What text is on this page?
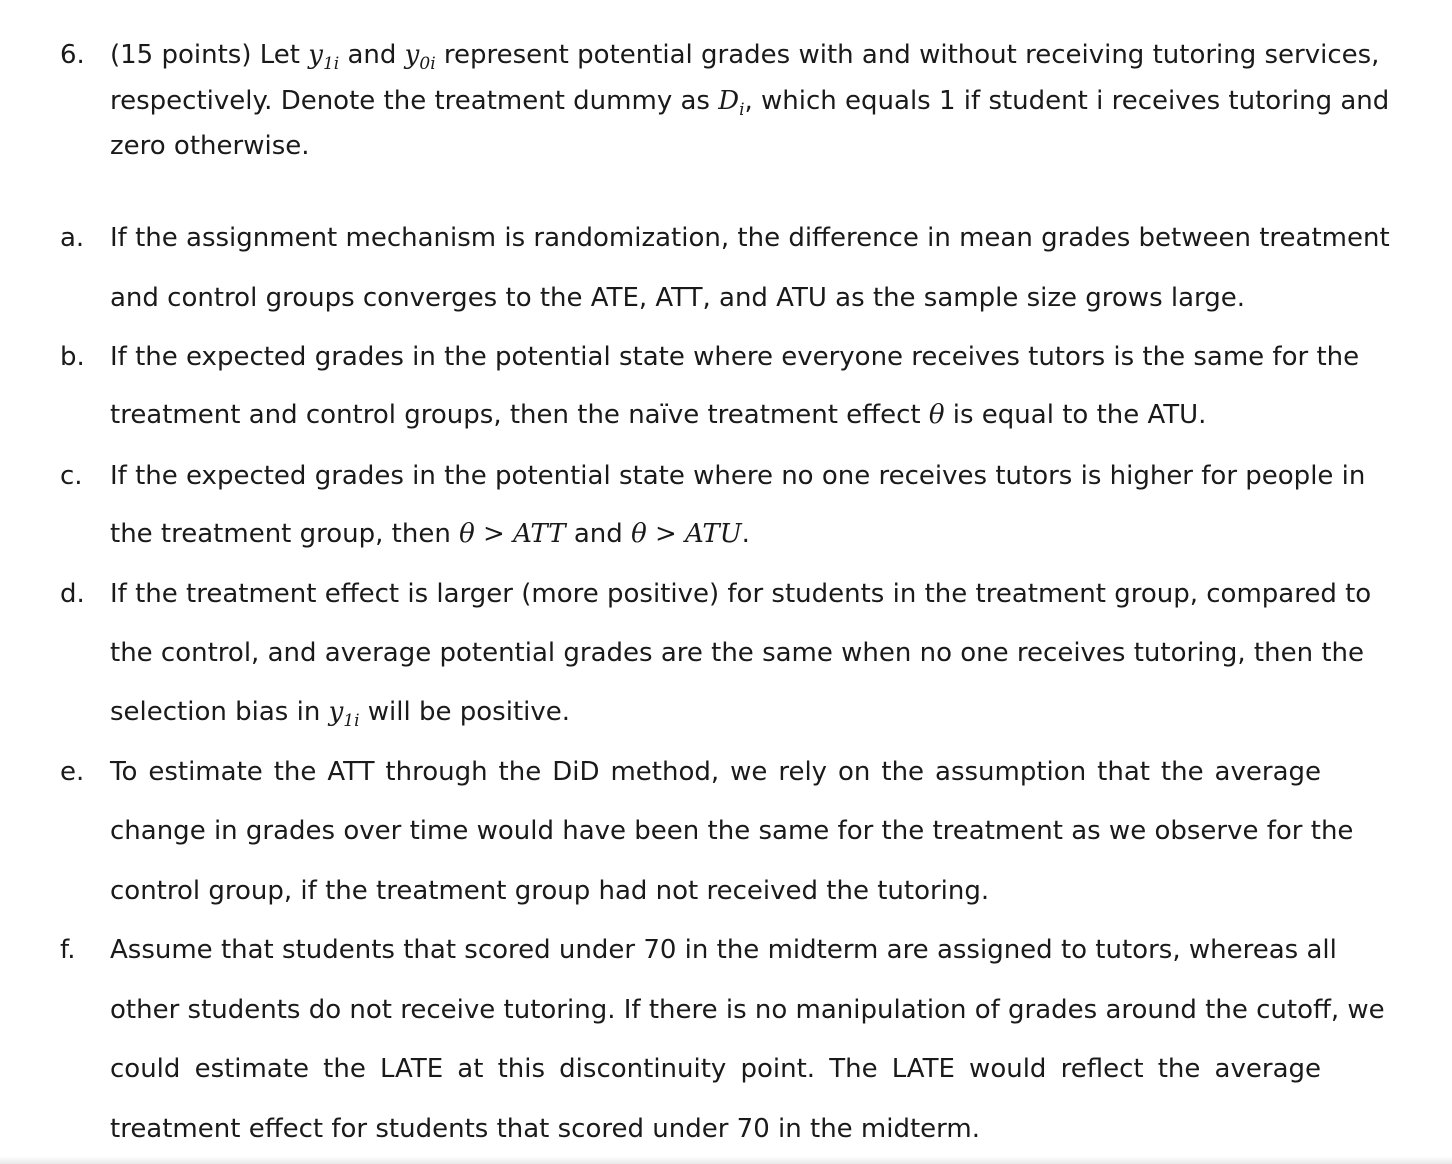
6. (15 points) Let $y_{1i}$ and $y_{0i}$ represent potential grades with and without receiving tutoring services,
respectively. Denote the treatment dummy as $D_i$, which equals 1 if student i receives tutoring and
zero otherwise.
a. If the assignment mechanism is randomization, the difference in mean grades between treatment
and control groups converges to the ATE, ATT, and ATU as the sample size grows large.
b. If the expected grades in the potential state where everyone receives tutors is the same for the
treatment and control groups, then the naïve treatment effect θ is equal to the ATU.
c. If the expected grades in the potential state where no one receives tutors is higher for people in
the treatment group, then θ > ATT and θ > ATU.
d. If the treatment effect is larger (more positive) for students in the treatment group, compared to
the control, and average potential grades are the same when no one receives tutoring, then the
selection bias in $y_{1i}$ will be positive.
e. To estimate the ATT through the DiD method, we rely on the assumption that the average
change in grades over time would have been the same for the treatment as we observe for the
control group, if the treatment group had not received the tutoring.
f. Assume that students that scored under 70 in the midterm are assigned to tutors, whereas all
other students do not receive tutoring. If there is no manipulation of grades around the cutoff, we
could estimate the LATE at this discontinuity point. The LATE would reflect the average
treatment effect for students that scored under 70 in the midterm.
